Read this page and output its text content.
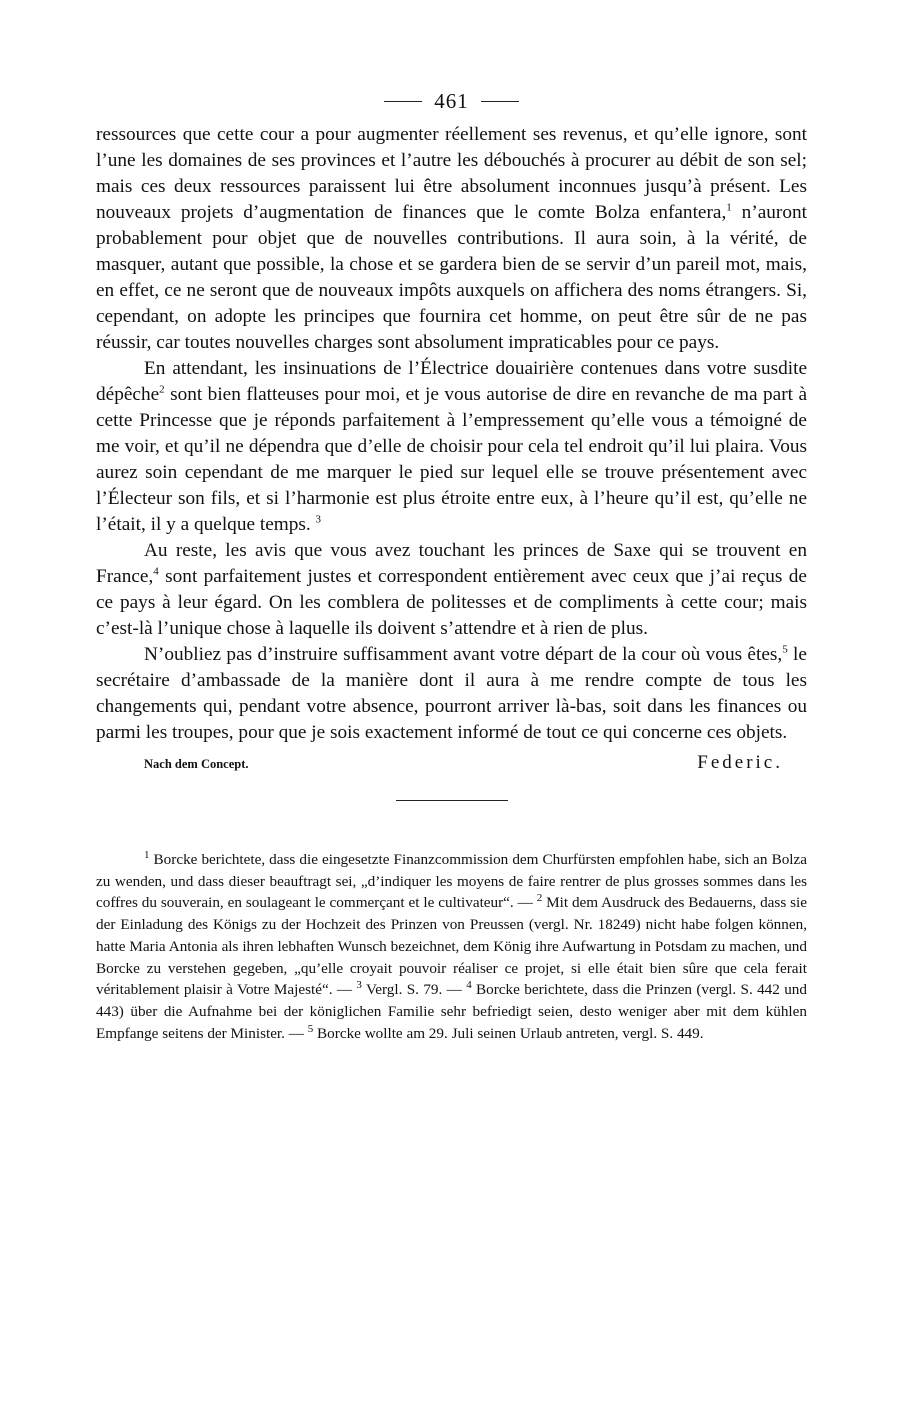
461

ressources que cette cour a pour augmenter réellement ses revenus, et qu’elle ignore, sont l’une les domaines de ses provinces et l’autre les débouchés à procurer au débit de son sel; mais ces deux ressources paraissent lui être absolument inconnues jusqu’à présent. Les nouveaux projets d’augmentation de finances que le comte Bolza enfantera,$^1$ n’auront probablement pour objet que de nouvelles contributions. Il aura soin, à la vérité, de masquer, autant que possible, la chose et se gardera bien de se servir d’un pareil mot, mais, en effet, ce ne seront que de nouveaux impôts auxquels on affichera des noms étrangers. Si, cependant, on adopte les principes que fournira cet homme, on peut être sûr de ne pas réussir, car toutes nouvelles charges sont absolument impraticables pour ce pays.

En attendant, les insinuations de l’Électrice douairière contenues dans votre susdite dépêche$^2$ sont bien flatteuses pour moi, et je vous autorise de dire en revanche de ma part à cette Princesse que je réponds parfaitement à l’empressement qu’elle vous a témoigné de me voir, et qu’il ne dépendra que d’elle de choisir pour cela tel endroit qu’il lui plaira. Vous aurez soin cependant de me marquer le pied sur lequel elle se trouve présentement avec l’Électeur son fils, et si l’harmonie est plus étroite entre eux, à l’heure qu’il est, qu’elle ne l’était, il y a quelque temps. $^3$

Au reste, les avis que vous avez touchant les princes de Saxe qui se trouvent en France,$^4$ sont parfaitement justes et correspondent entièrement avec ceux que j’ai reçus de ce pays à leur égard. On les comblera de politesses et de compliments à cette cour; mais c’est-là l’unique chose à laquelle ils doivent s’attendre et à rien de plus.

N’oubliez pas d’instruire suffisamment avant votre départ de la cour où vous êtes,$^5$ le secrétaire d’ambassade de la manière dont il aura à me rendre compte de tous les changements qui, pendant votre absence, pourront arriver là-bas, soit dans les finances ou parmi les troupes, pour que je sois exactement informé de tout ce qui concerne ces objets.

Nach dem Concept.	Federic.

$^1$ Borcke berichtete, dass die eingesetzte Finanzcommission dem Churfürsten empfohlen habe, sich an Bolza zu wenden, und dass dieser beauftragt sei, „d’indiquer les moyens de faire rentrer de plus grosses sommes dans les coffres du souverain, en soulageant le commerçant et le cultivateur“. — $^2$ Mit dem Ausdruck des Bedauerns, dass sie der Einladung des Königs zu der Hochzeit des Prinzen von Preussen (vergl. Nr. 18249) nicht habe folgen können, hatte Maria Antonia als ihren lebhaften Wunsch bezeichnet, dem König ihre Aufwartung in Potsdam zu machen, und Borcke zu verstehen gegeben, „qu’elle croyait pouvoir réaliser ce projet, si elle était bien sûre que cela ferait véritablement plaisir à Votre Majesté“. — $^3$ Vergl. S. 79. — $^4$ Borcke berichtete, dass die Prinzen (vergl. S. 442 und 443) über die Aufnahme bei der königlichen Familie sehr befriedigt seien, desto weniger aber mit dem kühlen Empfange seitens der Minister. — $^5$ Borcke wollte am 29. Juli seinen Urlaub antreten, vergl. S. 449.
